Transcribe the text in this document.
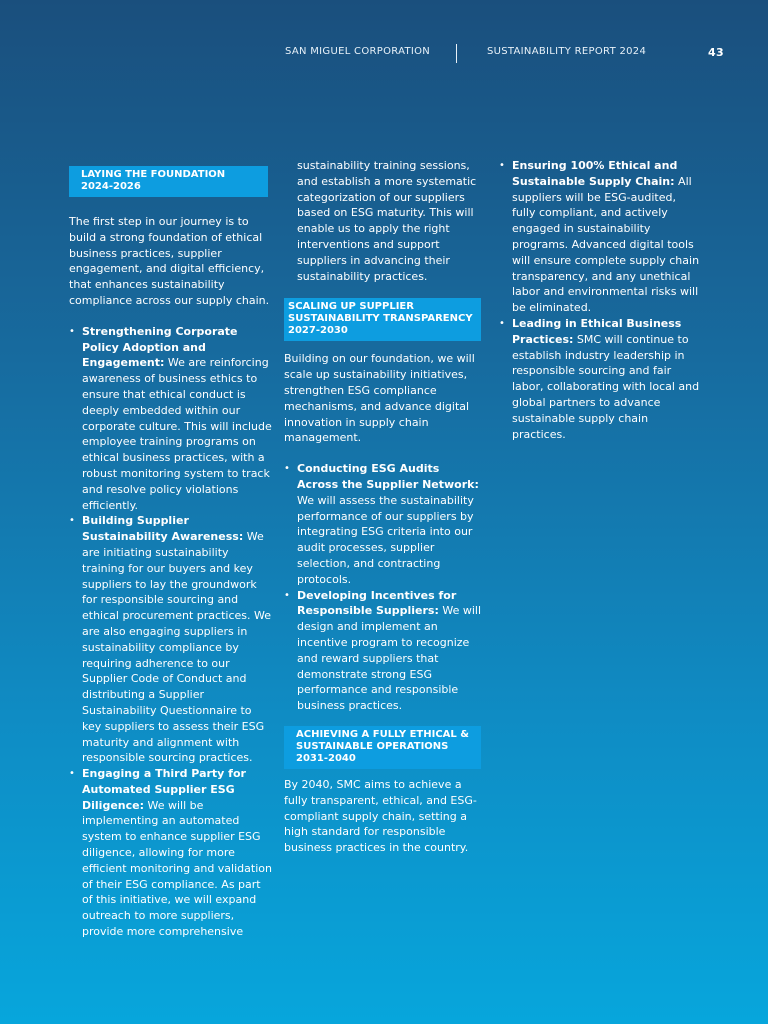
SAN MIGUEL CORPORATION	SUSTAINABILITY REPORT 2024	43
LAYING THE FOUNDATION 2024-2026

The first step in our journey is to build a strong foundation of ethical business practices, supplier engagement, and digital efficiency, that enhances sustainability compliance across our supply chain.

• Strengthening Corporate Policy Adoption and Engagement: We are reinforcing awareness of business ethics to ensure that ethical conduct is deeply embedded within our corporate culture. This will include employee training programs on ethical business practices, with a robust monitoring system to track and resolve policy violations efficiently.
• Building Supplier Sustainability Awareness: We are initiating sustainability training for our buyers and key suppliers to lay the groundwork for responsible sourcing and ethical procurement practices. We are also engaging suppliers in sustainability compliance by requiring adherence to our Supplier Code of Conduct and distributing a Supplier Sustainability Questionnaire to key suppliers to assess their ESG maturity and alignment with responsible sourcing practices.
• Engaging a Third Party for Automated Supplier ESG Diligence: We will be implementing an automated system to enhance supplier ESG diligence, allowing for more efficient monitoring and validation of their ESG compliance. As part of this initiative, we will expand outreach to more suppliers, provide more comprehensive

sustainability training sessions, and establish a more systematic categorization of our suppliers based on ESG maturity. This will enable us to apply the right interventions and support suppliers in advancing their sustainability practices.

SCALING UP SUPPLIER SUSTAINABILITY TRANSPARENCY 2027-2030

Building on our foundation, we will scale up sustainability initiatives, strengthen ESG compliance mechanisms, and advance digital innovation in supply chain management.

• Conducting ESG Audits Across the Supplier Network: We will assess the sustainability performance of our suppliers by integrating ESG criteria into our audit processes, supplier selection, and contracting protocols.
• Developing Incentives for Responsible Suppliers: We will design and implement an incentive program to recognize and reward suppliers that demonstrate strong ESG performance and responsible business practices.
ACHIEVING A FULLY ETHICAL & SUSTAINABLE OPERATIONS 2031-2040

By 2040, SMC aims to achieve a fully transparent, ethical, and ESG-compliant supply chain, setting a high standard for responsible business practices in the country.

• Ensuring 100% Ethical and Sustainable Supply Chain: All suppliers will be ESG-audited, fully compliant, and actively engaged in sustainability programs. Advanced digital tools will ensure complete supply chain transparency, and any unethical labor and environmental risks will be eliminated.
• Leading in Ethical Business Practices: SMC will continue to establish industry leadership in responsible sourcing and fair labor, collaborating with local and global partners to advance sustainable supply chain practices.
